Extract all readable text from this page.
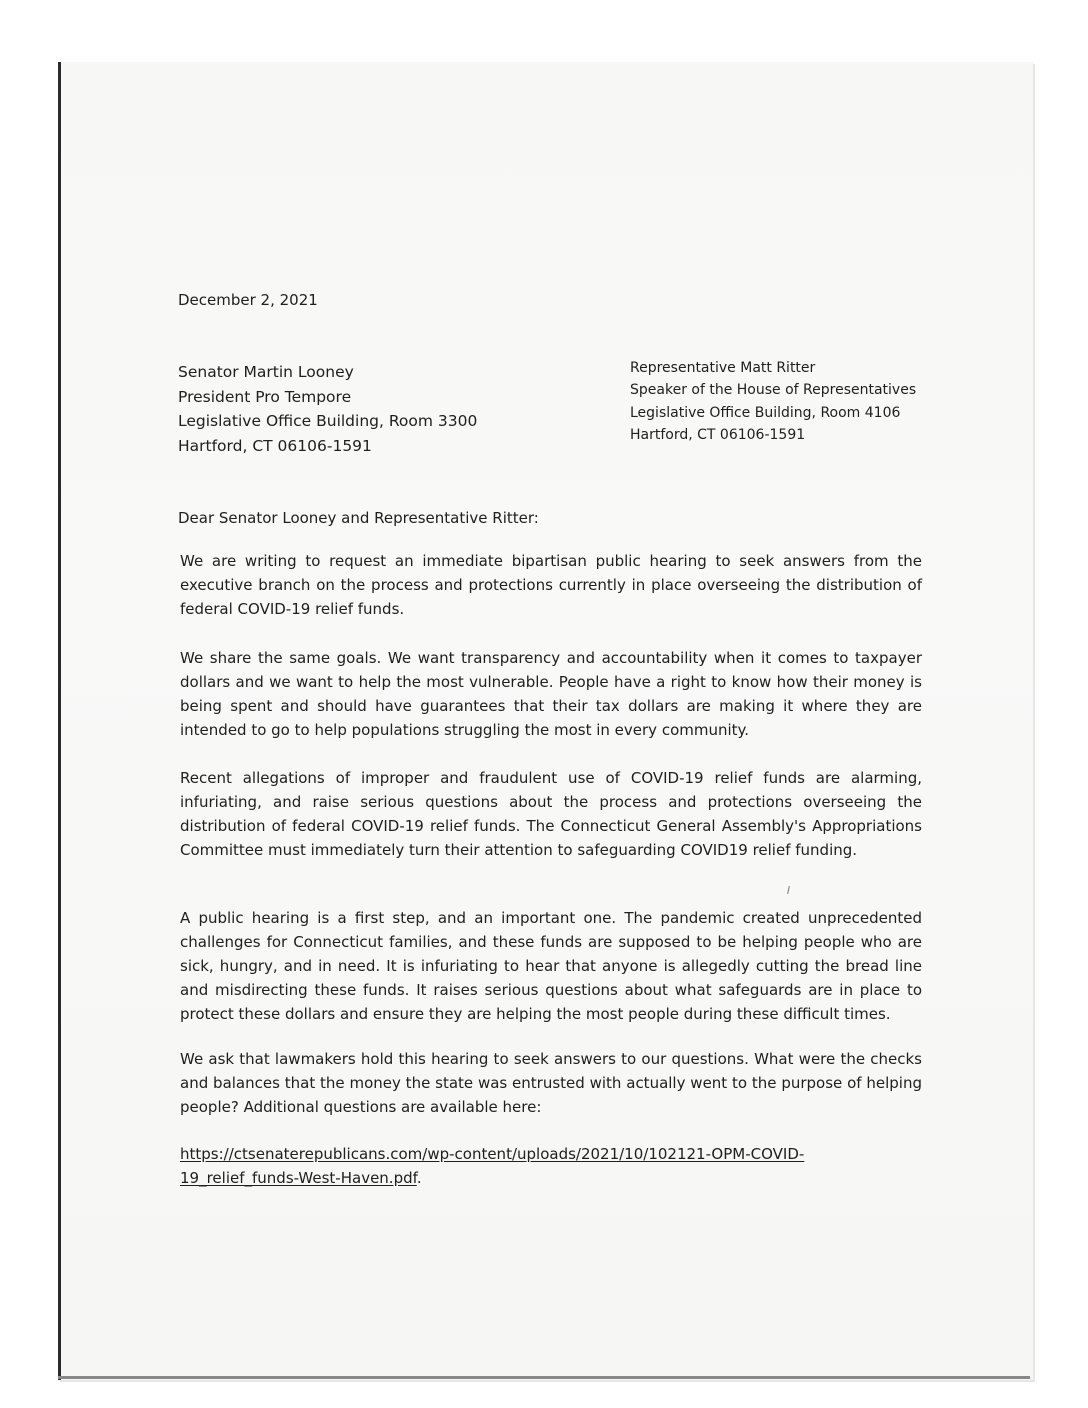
December 2, 2021
Senator Martin Looney
President Pro Tempore
Legislative Office Building, Room 3300
Hartford, CT 06106-1591
Representative Matt Ritter
Speaker of the House of Representatives
Legislative Office Building, Room 4106
Hartford, CT 06106-1591
Dear Senator Looney and Representative Ritter:
We are writing to request an immediate bipartisan public hearing to seek answers from the executive branch on the process and protections currently in place overseeing the distribution of federal COVID-19 relief funds.
We share the same goals. We want transparency and accountability when it comes to taxpayer dollars and we want to help the most vulnerable. People have a right to know how their money is being spent and should have guarantees that their tax dollars are making it where they are intended to go to help populations struggling the most in every community.
Recent allegations of improper and fraudulent use of COVID-19 relief funds are alarming, infuriating, and raise serious questions about the process and protections overseeing the distribution of federal COVID-19 relief funds. The Connecticut General Assembly's Appropriations Committee must immediately turn their attention to safeguarding COVID19 relief funding.
A public hearing is a first step, and an important one. The pandemic created unprecedented challenges for Connecticut families, and these funds are supposed to be helping people who are sick, hungry, and in need. It is infuriating to hear that anyone is allegedly cutting the bread line and misdirecting these funds. It raises serious questions about what safeguards are in place to protect these dollars and ensure they are helping the most people during these difficult times.
We ask that lawmakers hold this hearing to seek answers to our questions. What were the checks and balances that the money the state was entrusted with actually went to the purpose of helping people? Additional questions are available here:
https://ctsenaterepublicans.com/wp-content/uploads/2021/10/102121-OPM-COVID-
19_relief_funds-West-Haven.pdf.
